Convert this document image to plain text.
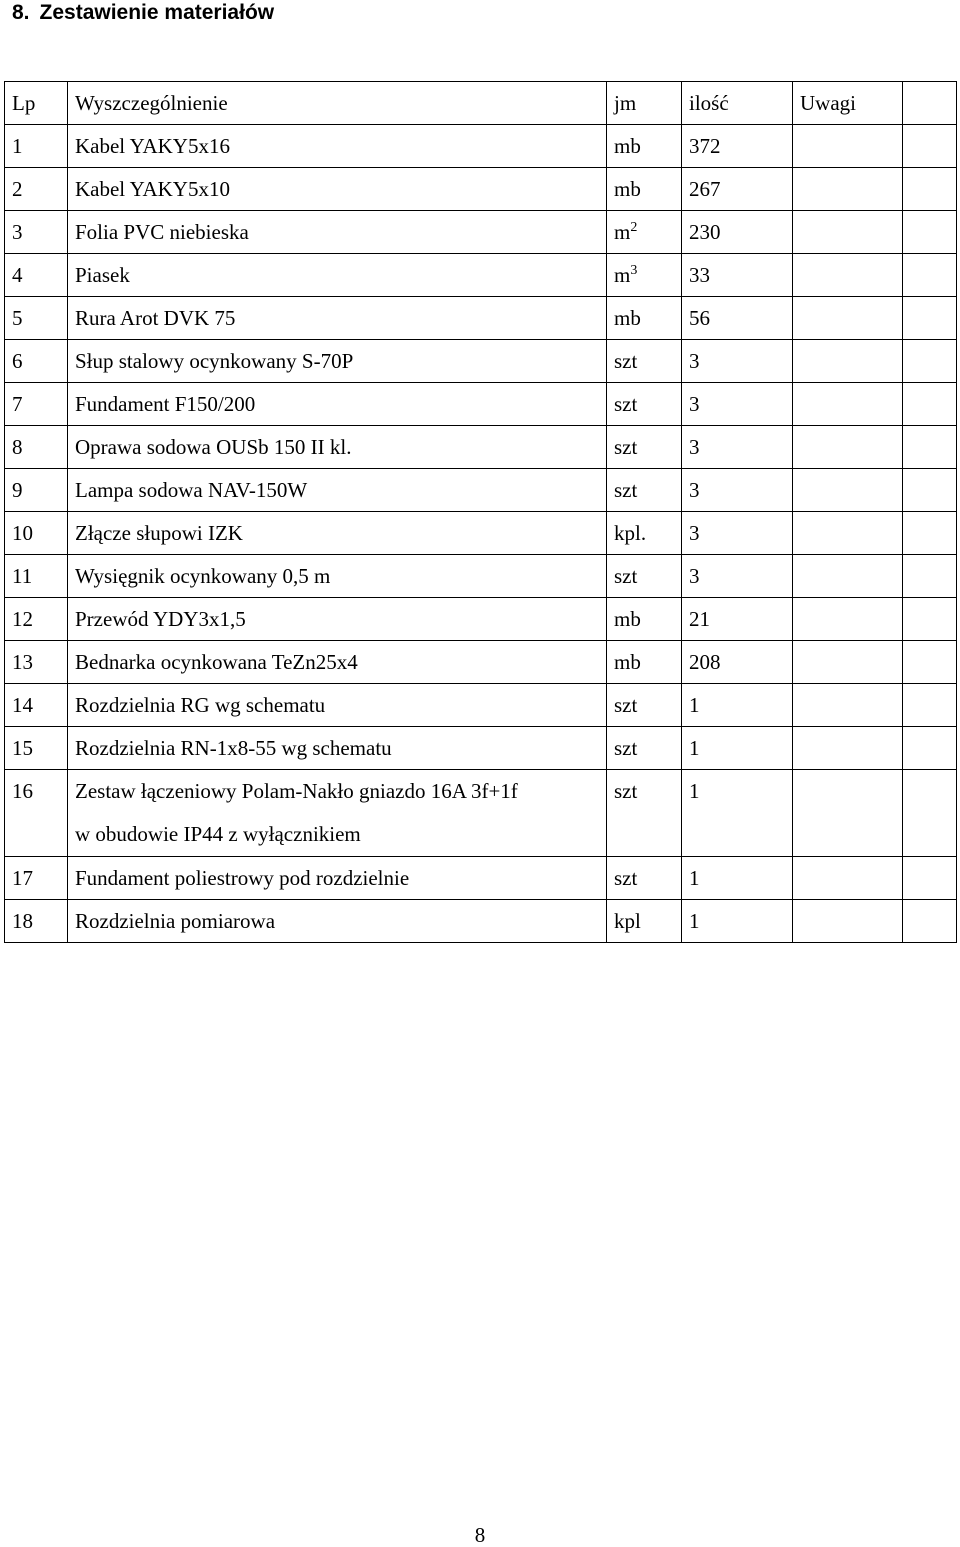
8. Zestawienie materiałów
Lp	Wyszczególnienie	jm	ilość	Uwagi	
1	Kabel YAKY5x16	mb	372		
2	Kabel YAKY5x10	mb	267		
3	Folia PVC niebieska	$m^2$	230		
4	Piasek	$m^3$	33		
5	Rura Arot DVK 75	mb	56		
6	Słup stalowy ocynkowany S-70P	szt	3		
7	Fundament F150/200	szt	3		
8	Oprawa sodowa OUSb 150 II kl.	szt	3		
9	Lampa sodowa NAV-150W	szt	3		
10	Złącze słupowi IZK	kpl.	3		
11	Wysięgnik ocynkowany 0,5 m	szt	3		
12	Przewód YDY3x1,5	mb	21		
13	Bednarka ocynkowana TeZn25x4	mb	208		
14	Rozdzielnia RG wg schematu	szt	1		
15	Rozdzielnia RN-1x8-55 wg schematu	szt	1		
16	Zestaw łączeniowy Polam-Nakło gniazdo 16A 3f+1f
w obudowie IP44 z wyłącznikiem	szt	1		
17	Fundament poliestrowy pod rozdzielnie	szt	1		
18	Rozdzielnia pomiarowa	kpl	1		
8
